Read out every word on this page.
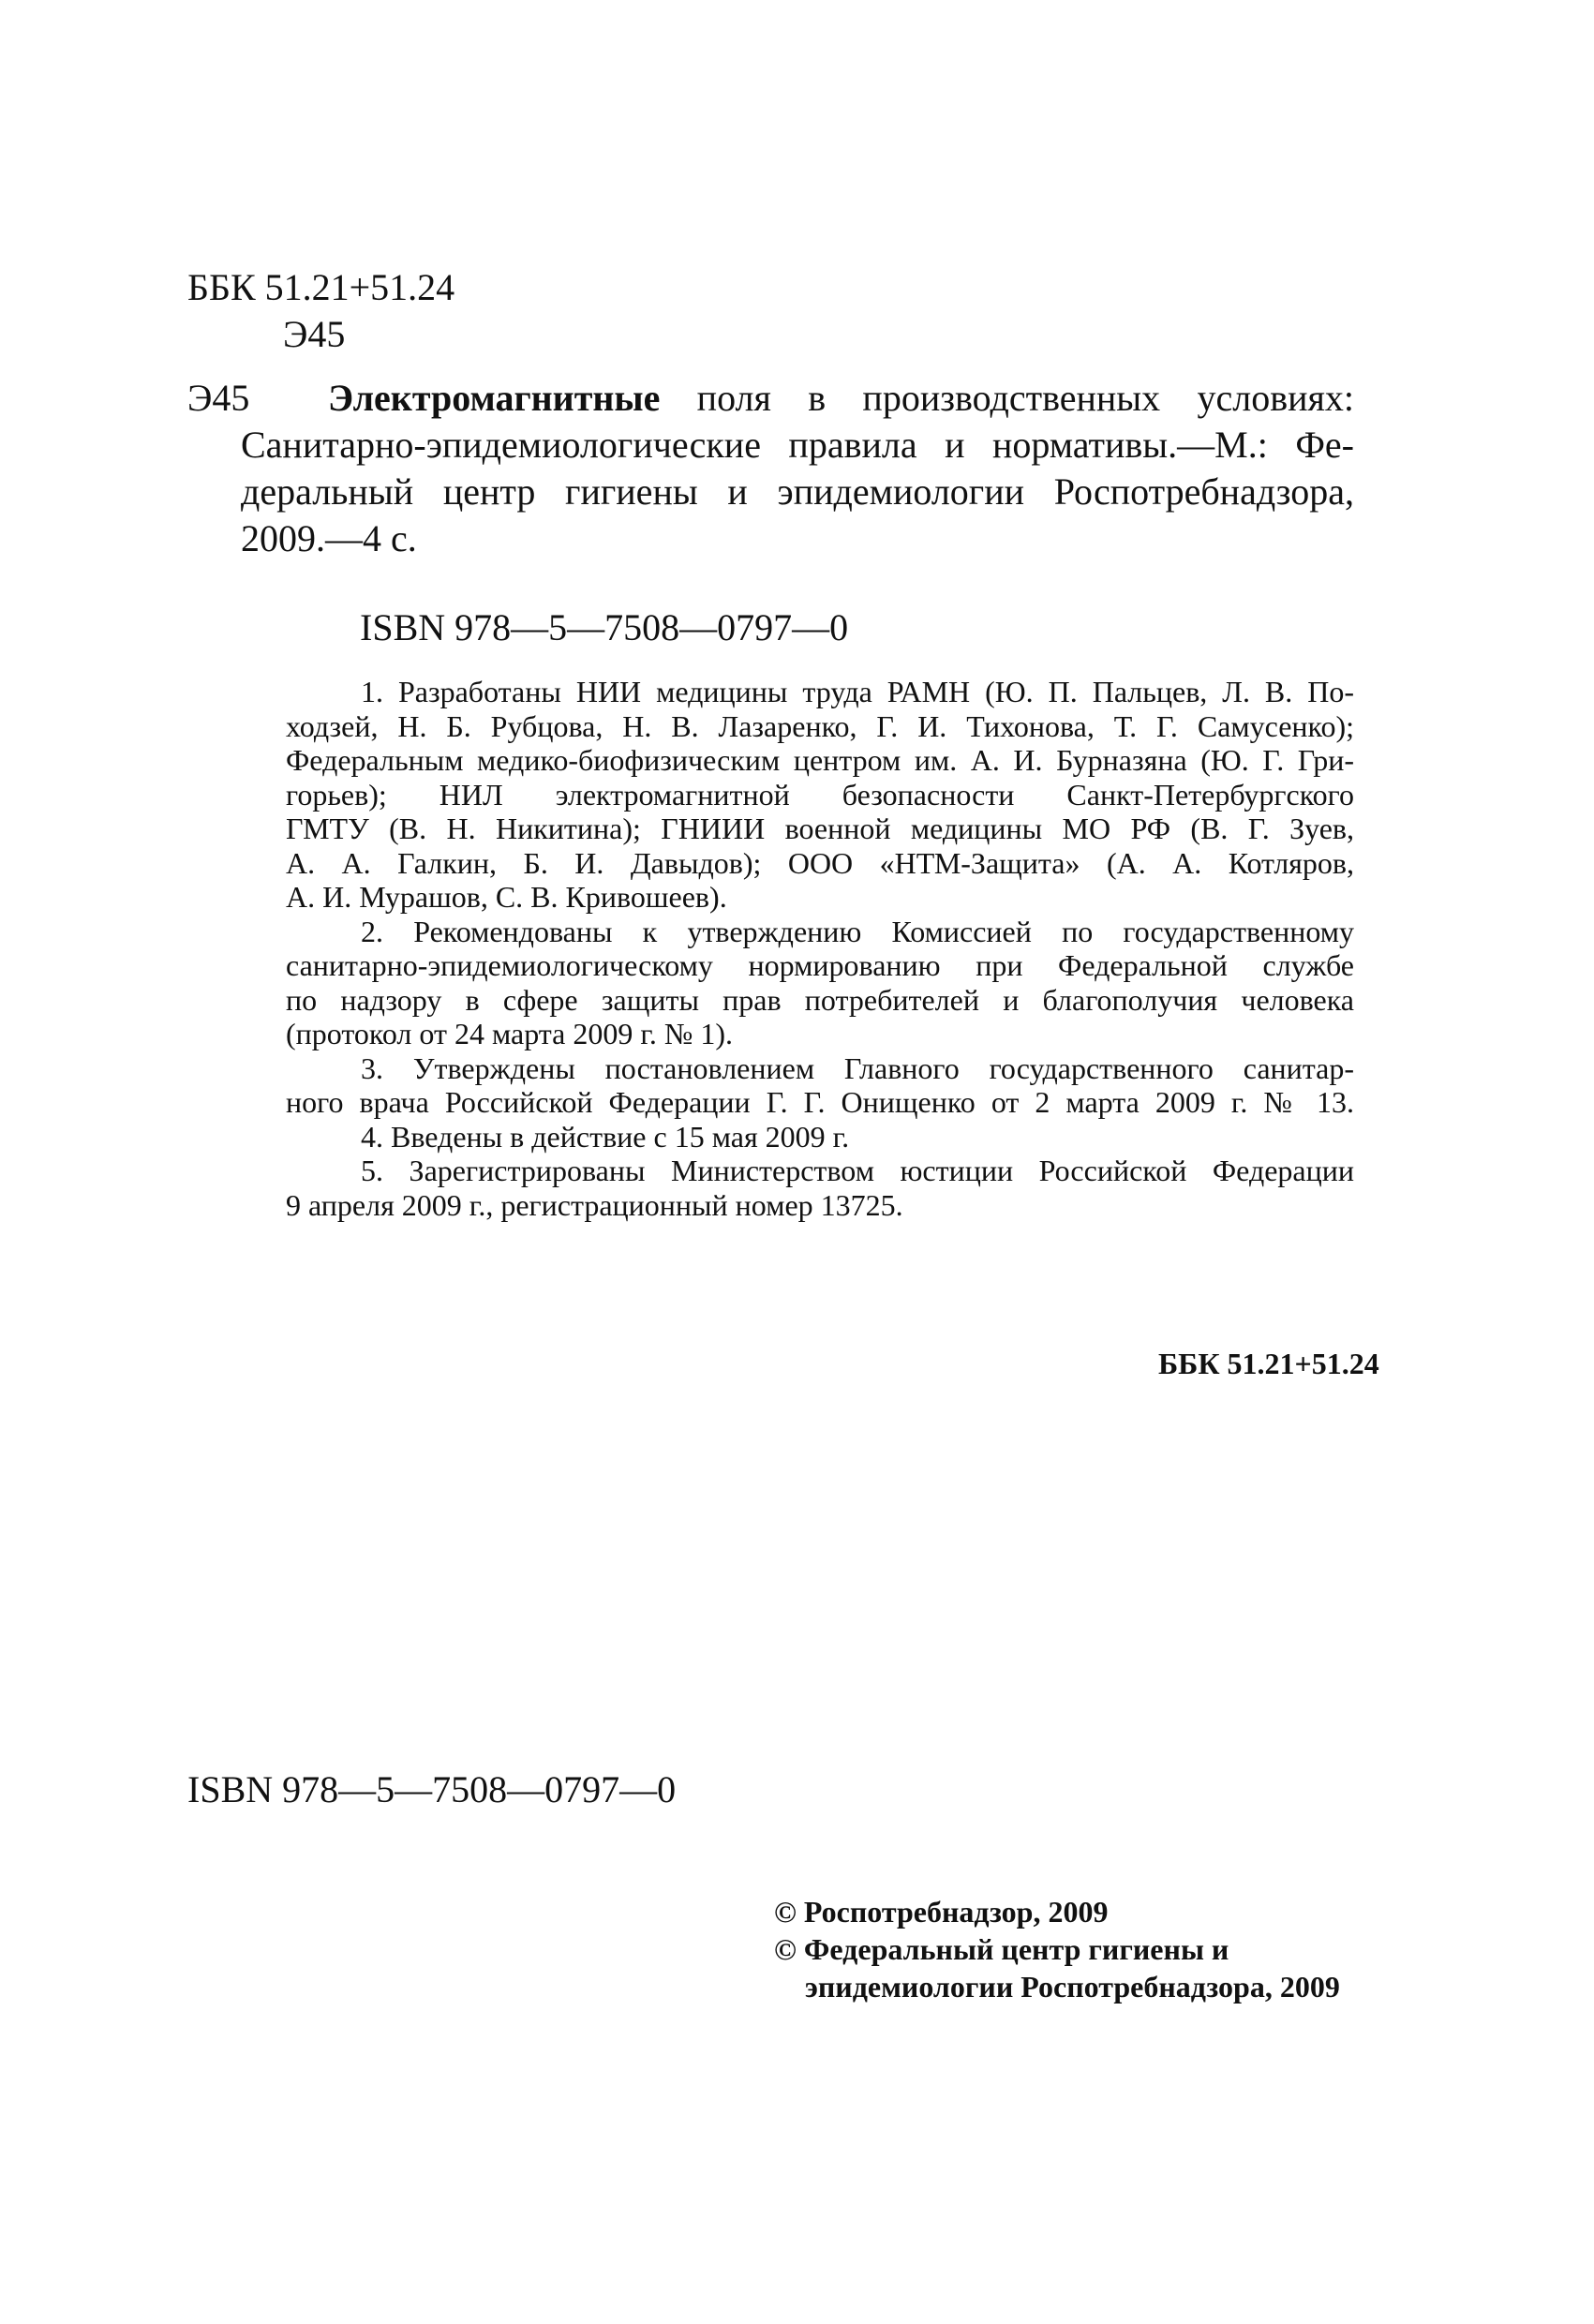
ББК 51.21+51.24
Э45
Э45	Электромагнитные поля в производственных условиях:
Санитарно-эпидемиологические правила и нормативы.—М.: Фе-
деральный центр гигиены и эпидемиологии Роспотребнадзора,
2009.—4 с.
ISBN 978—5—7508—0797—0
1. Разработаны НИИ медицины труда РАМН (Ю. П. Пальцев, Л. В. По-
ходзей, Н. Б. Рубцова, Н. В. Лазаренко, Г. И. Тихонова, Т. Г. Самусенко);
Федеральным медико-биофизическим центром им. А. И. Бурназяна (Ю. Г. Гри-
горьев); НИЛ электромагнитной безопасности Санкт-Петербургского
ГМТУ (В. Н. Никитина); ГНИИИ военной медицины МО РФ (В. Г. Зуев,
А. А. Галкин, Б. И. Давыдов); ООО «НТМ-Защита» (А. А. Котляров,
А. И. Мурашов, С. В. Кривошеев).
2. Рекомендованы к утверждению Комиссией по государственному
санитарно-эпидемиологическому нормированию при Федеральной службе
по надзору в сфере защиты прав потребителей и благополучия человека
(протокол от 24 марта 2009 г. № 1).
3. Утверждены постановлением Главного государственного санитар-
ного врача Российской Федерации Г. Г. Онищенко от 2 марта 2009 г. № 13.
4. Введены в действие с 15 мая 2009 г.
5. Зарегистрированы Министерством юстиции Российской Федерации
9 апреля 2009 г., регистрационный номер 13725.
ББК 51.21+51.24
ISBN 978—5—7508—0797—0
© Роспотребнадзор, 2009
© Федеральный центр гигиены и
эпидемиологии Роспотребнадзора, 2009
